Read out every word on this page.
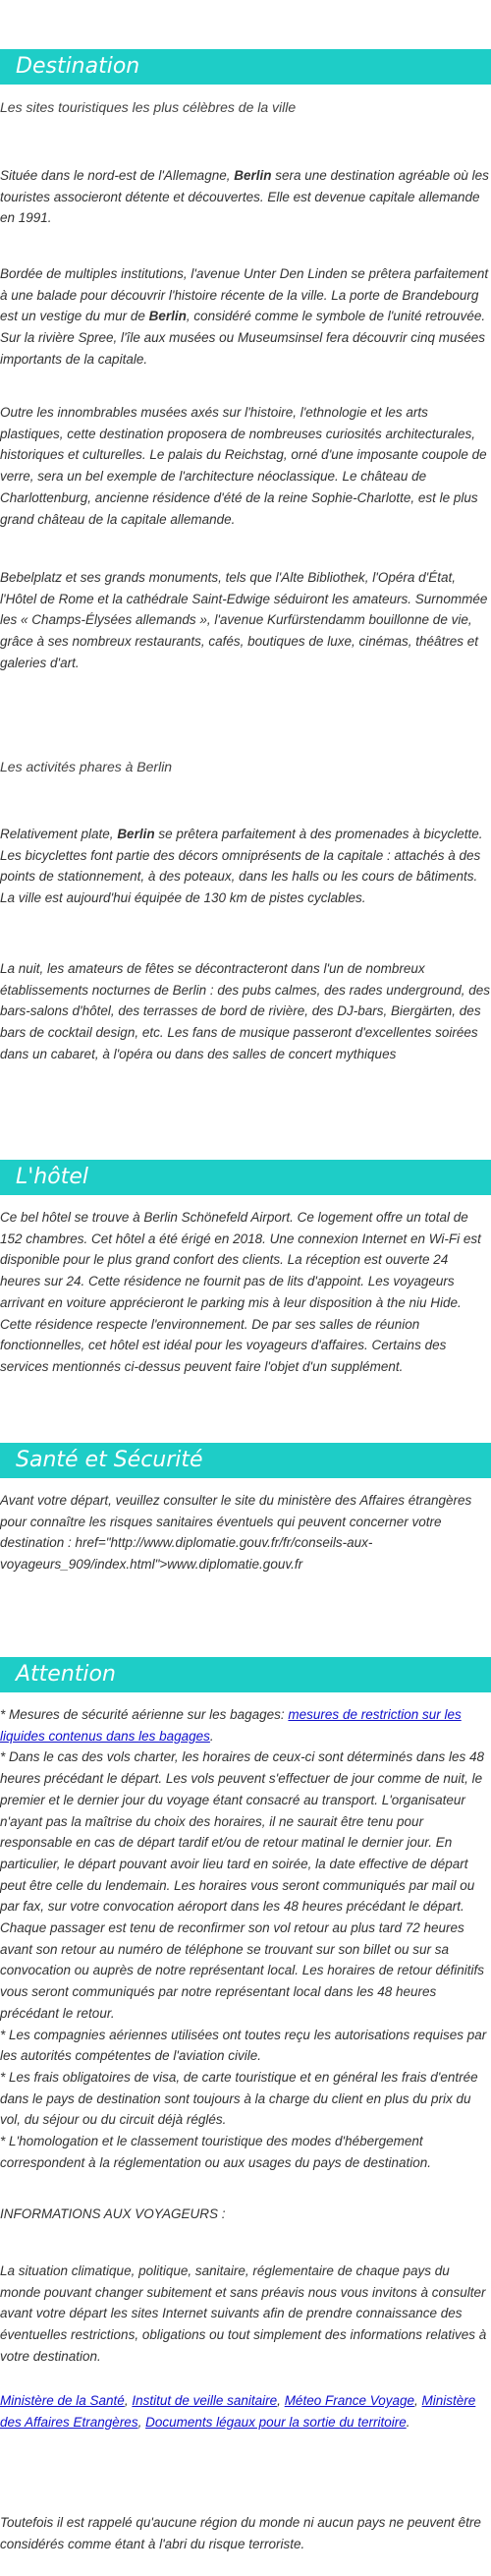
Destination

Les sites touristiques les plus célèbres de la ville

Située dans le nord-est de l'Allemagne, Berlin sera une destination agréable où les touristes associeront détente et découvertes. Elle est devenue capitale allemande en 1991.

Bordée de multiples institutions, l'avenue Unter Den Linden se prêtera parfaitement à une balade pour découvrir l'histoire récente de la ville. La porte de Brandebourg est un vestige du mur de Berlin, considéré comme le symbole de l'unité retrouvée. Sur la rivière Spree, l'île aux musées ou Museumsinsel fera découvrir cinq musées importants de la capitale.

Outre les innombrables musées axés sur l'histoire, l'ethnologie et les arts plastiques, cette destination proposera de nombreuses curiosités architecturales, historiques et culturelles. Le palais du Reichstag, orné d'une imposante coupole de verre, sera un bel exemple de l'architecture néoclassique. Le château de Charlottenburg, ancienne résidence d'été de la reine Sophie-Charlotte, est le plus grand château de la capitale allemande.

Bebelplatz et ses grands monuments, tels que l'Alte Bibliothek, l'Opéra d'État, l'Hôtel de Rome et la cathédrale Saint-Edwige séduiront les amateurs. Surnommée les « Champs-Élysées allemands », l'avenue Kurfürstendamm bouillonne de vie, grâce à ses nombreux restaurants, cafés, boutiques de luxe, cinémas, théâtres et galeries d'art.

Les activités phares à Berlin

Relativement plate, Berlin se prêtera parfaitement à des promenades à bicyclette. Les bicyclettes font partie des décors omniprésents de la capitale : attachés à des points de stationnement, à des poteaux, dans les halls ou les cours de bâtiments. La ville est aujourd'hui équipée de 130 km de pistes cyclables.

La nuit, les amateurs de fêtes se décontracteront dans l'un de nombreux établissements nocturnes de Berlin : des pubs calmes, des rades underground, des bars-salons d'hôtel, des terrasses de bord de rivière, des DJ-bars, Biergärten, des bars de cocktail design, etc. Les fans de musique passeront d'excellentes soirées dans un cabaret, à l'opéra ou dans des salles de concert mythiques

L'hôtel

Ce bel hôtel se trouve à Berlin Schönefeld Airport. Ce logement offre un total de 152 chambres. Cet hôtel a été érigé en 2018. Une connexion Internet en Wi-Fi est disponible pour le plus grand confort des clients. La réception est ouverte 24 heures sur 24. Cette résidence ne fournit pas de lits d'appoint. Les voyageurs arrivant en voiture apprécieront le parking mis à leur disposition à the niu Hide. Cette résidence respecte l'environnement. De par ses salles de réunion fonctionnelles, cet hôtel est idéal pour les voyageurs d'affaires. Certains des services mentionnés ci-dessus peuvent faire l'objet d'un supplément.

Santé et Sécurité

Avant votre départ, veuillez consulter le site du ministère des Affaires étrangères pour connaître les risques sanitaires éventuels qui peuvent concerner votre destination : href="http://www.diplomatie.gouv.fr/fr/conseils-aux-voyageurs_909/index.html">www.diplomatie.gouv.fr

Attention
* Mesures de sécurité aérienne sur les bagages: mesures de restriction sur les liquides contenus dans les bagages.
* Dans le cas des vols charter, les horaires de ceux-ci sont déterminés dans les 48 heures précédant le départ. Les vols peuvent s'effectuer de jour comme de nuit, le premier et le dernier jour du voyage étant consacré au transport. L'organisateur n'ayant pas la maîtrise du choix des horaires, il ne saurait être tenu pour responsable en cas de départ tardif et/ou de retour matinal le dernier jour. En particulier, le départ pouvant avoir lieu tard en soirée, la date effective de départ peut être celle du lendemain. Les horaires vous seront communiqués par mail ou par fax, sur votre convocation aéroport dans les 48 heures précédant le départ. Chaque passager est tenu de reconfirmer son vol retour au plus tard 72 heures avant son retour au numéro de téléphone se trouvant sur son billet ou sur sa convocation ou auprès de notre représentant local. Les horaires de retour définitifs vous seront communiqués par notre représentant local dans les 48 heures précédant le retour.
* Les compagnies aériennes utilisées ont toutes reçu les autorisations requises par les autorités compétentes de l'aviation civile.
* Les frais obligatoires de visa, de carte touristique et en général les frais d'entrée dans le pays de destination sont toujours à la charge du client en plus du prix du vol, du séjour ou du circuit déjà réglés.
* L'homologation et le classement touristique des modes d'hébergement correspondent à la réglementation ou aux usages du pays de destination.

INFORMATIONS AUX VOYAGEURS :

La situation climatique, politique, sanitaire, réglementaire de chaque pays du monde pouvant changer subitement et sans préavis nous vous invitons à consulter avant votre départ les sites Internet suivants afin de prendre connaissance des éventuelles restrictions, obligations ou tout simplement des informations relatives à votre destination.

Ministère de la Santé, Institut de veille sanitaire, Méteo France Voyage, Ministère des Affaires Etrangères, Documents légaux pour la sortie du territoire.

Toutefois il est rappelé qu'aucune région du monde ni aucun pays ne peuvent être considérés comme étant à l'abri du risque terroriste.
